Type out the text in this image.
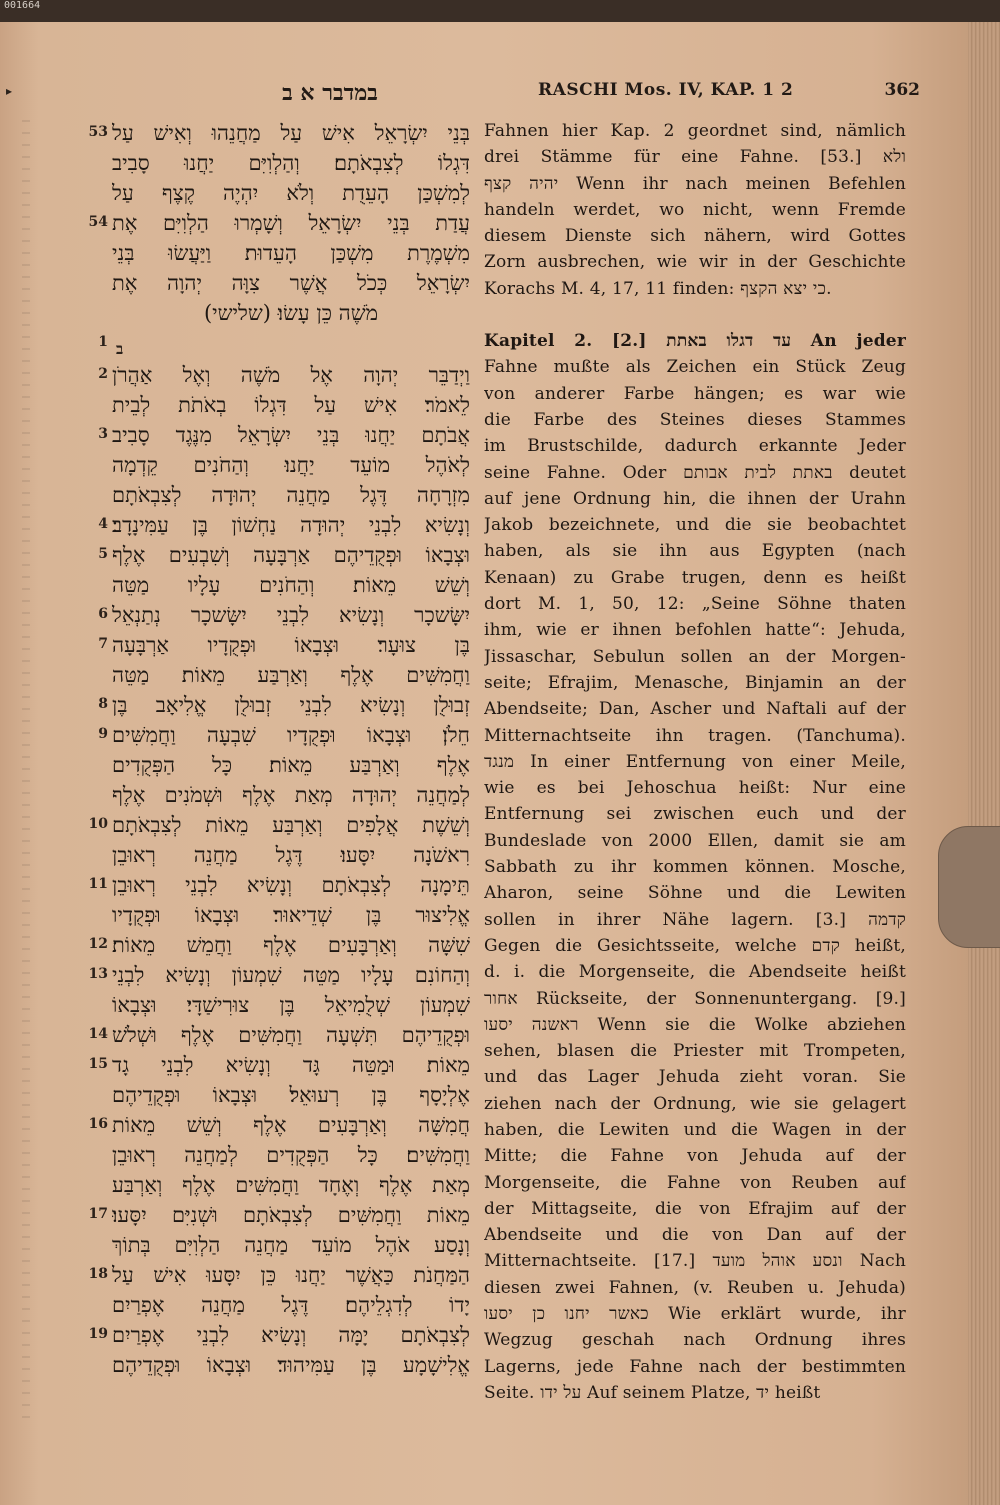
001664
▸	במדבר א ב	RASCHI Mos. IV, KAP. 1 2	362
53
54
1
2
3
4
5
6
7
8
9
10
11
12
13
14
15
16
17
18
19
בְּנֵי יִשְׂרָאֵל אִישׁ עַל מַחֲנֵהוּ וְאִישׁ עַל
דִּגְלוֹ לְצִבְאֹתָם׃ וְהַלְוִיִּם יַחֲנוּ סָבִיב
לְמִשְׁכַּן הָעֵדֻת וְלֹא יִהְיֶה קֶצֶף עַל
עֲדַת בְּנֵי יִשְׂרָאֵל וְשָׁמְרוּ הַלְוִיִּם אֶת
מִשְׁמֶרֶת מִשְׁכַּן הָעֵדוּת׃ וַיַּעֲשׂוּ בְּנֵי
יִשְׂרָאֵל כְּכֹל אֲשֶׁר צִוָּה יְהוָה אֶת
מֹשֶׁה כֵּן עָשׂוּ׃ (שלישי)
וַיְדַבֵּר יְהוָה אֶל מֹשֶׁה וְאֶל אַהֲרֹן
לֵאמֹר׃ אִישׁ עַל דִּגְלוֹ בְאֹתֹת לְבֵית
אֲבֹתָם יַחֲנוּ בְּנֵי יִשְׂרָאֵל מִנֶּגֶד סָבִיב
לְאֹהֶל מוֹעֵד יַחֲנוּ׃ וְהַחֹנִים קֵדְמָה
מִזְרָחָה דֶּגֶל מַחֲנֵה יְהוּדָה לְצִבְאֹתָם
וְנָשִׂיא לִבְנֵי יְהוּדָה נַחְשׁוֹן בֶּן עַמִּינָדָב׃
וּצְבָאוֹ וּפְקֻדֵיהֶם אַרְבָּעָה וְשִׁבְעִים אֶלֶף
וְשֵׁשׁ מֵאוֹת׃ וְהַחֹנִים עָלָיו מַטֵּה
יִשָּׂשכָר וְנָשִׂיא לִבְנֵי יִשָּׂשכָר נְתַנְאֵל
בֶּן צוּעָר׃ וּצְבָאוֹ וּפְקֻדָיו אַרְבָּעָה
וַחֲמִשִּׁים אֶלֶף וְאַרְבַּע מֵאוֹת׃ מַטֵּה
זְבוּלֻן וְנָשִׂיא לִבְנֵי זְבוּלֻן אֱלִיאָב בֶּן
חֵלֹן׃ וּצְבָאוֹ וּפְקֻדָיו שִׁבְעָה וַחֲמִשִּׁים
אֶלֶף וְאַרְבַּע מֵאוֹת׃ כָּל הַפְּקֻדִים
לְמַחֲנֵה יְהוּדָה מְאַת אֶלֶף וּשְׁמֹנִים אֶלֶף
וְשֵׁשֶׁת אֲלָפִים וְאַרְבַּע מֵאוֹת לְצִבְאֹתָם
רִאשֹׁנָה יִסָּעוּ׃ דֶּגֶל מַחֲנֵה רְאוּבֵן
תֵּימָנָה לְצִבְאֹתָם וְנָשִׂיא לִבְנֵי רְאוּבֵן
אֱלִיצוּר בֶּן שְׁדֵיאוּר׃ וּצְבָאוֹ וּפְקֻדָיו
שִׁשָּׁה וְאַרְבָּעִים אֶלֶף וַחֲמֵשׁ מֵאוֹת׃
וְהַחוֹנִם עָלָיו מַטֵּה שִׁמְעוֹן וְנָשִׂיא לִבְנֵי
שִׁמְעוֹן שְׁלֻמִיאֵל בֶּן צוּרִישַׁדָּי׃ וּצְבָאוֹ
וּפְקֻדֵיהֶם תִּשְׁעָה וַחֲמִשִּׁים אֶלֶף וּשְׁלֹשׁ
מֵאוֹת׃ וּמַטֵּה גָּד וְנָשִׂיא לִבְנֵי גָד
אֶלְיָסָף בֶּן רְעוּאֵל׃ וּצְבָאוֹ וּפְקֻדֵיהֶם
חֲמִשָּׁה וְאַרְבָּעִים אֶלֶף וְשֵׁשׁ מֵאוֹת
וַחֲמִשִּׁים׃ כָּל הַפְּקֻדִים לְמַחֲנֵה רְאוּבֵן
מְאַת אֶלֶף וְאֶחָד וַחֲמִשִּׁים אֶלֶף וְאַרְבַּע
מֵאוֹת וַחֲמִשִּׁים לְצִבְאֹתָם וּשְׁנִיִּם יִסָּעוּ׃
וְנָסַע אֹהֶל מוֹעֵד מַחֲנֵה הַלְוִיִּם בְּתוֹךְ
הַמַּחֲנֹת כַּאֲשֶׁר יַחֲנוּ כֵּן יִסָּעוּ אִישׁ עַל
יָדוֹ לְדִגְלֵיהֶם׃ דֶּגֶל מַחֲנֵה אֶפְרַיִם
לְצִבְאֹתָם יָמָּה וְנָשִׂיא לִבְנֵי אֶפְרַיִם
אֱלִישָׁמָע בֶּן עַמִּיהוּד׃ וּצְבָאוֹ וּפְקֻדֵיהֶם
ב
Fahnen hier Kap. 2 geordnet sind, nämlich
drei Stämme für eine Fahne. [53.] ולא
יהיה קצף Wenn ihr nach meinen Befehlen
handeln werdet, wo nicht, wenn Fremde
diesem Dienste sich nähern, wird Gottes
Zorn ausbrechen, wie wir in der Geschichte
Korachs M. 4, 17, 11 finden: כי יצא הקצף.
Kapitel 2. [2.] עד דגלו באתת An jeder
Fahne mußte als Zeichen ein Stück Zeug
von anderer Farbe hängen; es war wie
die Farbe des Steines dieses Stammes
im Brustschilde, dadurch erkannte Jeder
seine Fahne. Oder באתת לבית אבותם deutet
auf jene Ordnung hin, die ihnen der Urahn
Jakob bezeichnete, und die sie beobachtet
haben, als sie ihn aus Egypten (nach
Kenaan) zu Grabe trugen, denn es heißt
dort M. 1, 50, 12: „Seine Söhne thaten
ihm, wie er ihnen befohlen hatte“: Jehuda,
Jissaschar, Sebulun sollen an der Morgen-
seite; Efrajim, Menasche, Binjamin an der
Abendseite; Dan, Ascher und Naftali auf der
Mitternachtseite ihn tragen. (Tanchuma).
מנגד In einer Entfernung von einer Meile,
wie es bei Jehoschua heißt: Nur eine
Entfernung sei zwischen euch und der
Bundeslade von 2000 Ellen, damit sie am
Sabbath zu ihr kommen können. Mosche,
Aharon, seine Söhne und die Lewiten
sollen in ihrer Nähe lagern. [3.] קדמה
Gegen die Gesichtsseite, welche קדם heißt,
d. i. die Morgenseite, die Abendseite heißt
אחור Rückseite, der Sonnenuntergang. [9.]
ראשנה יסעו Wenn sie die Wolke abziehen
sehen, blasen die Priester mit Trompeten,
und das Lager Jehuda zieht voran. Sie
ziehen nach der Ordnung, wie sie gelagert
haben, die Lewiten und die Wagen in der
Mitte; die Fahne von Jehuda auf der
Morgenseite, die Fahne von Reuben auf
der Mittagseite, die von Efrajim auf der
Abendseite und die von Dan auf der
Mitternachtseite. [17.] ונסע אוהל מועד Nach
diesen zwei Fahnen, (v. Reuben u. Jehuda)
כאשר יחנו כן יסעו Wie erklärt wurde, ihr
Wegzug geschah nach Ordnung ihres
Lagerns, jede Fahne nach der bestimmten
Seite. על ידו Auf seinem Platze, יד heißt
